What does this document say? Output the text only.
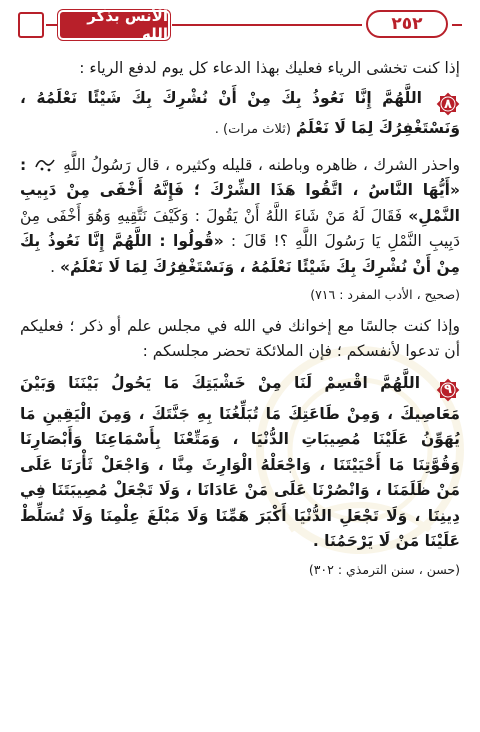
الأنس بذكر الله	٢٥٢

إذا كنت تخشى الرياء فعليك بهذا الدعاء كل يوم لدفع الرياء :

٨
اللَّهُمَّ إِنَّا نَعُوذُ بِكَ مِنْ أَنْ نُشْرِكَ بِكَ شَيْئًا نَعْلَمُهُ ، وَنَسْتَغْفِرُكَ لِمَا لَا نَعْلَمُ (ثلاث مرات) .

واحذر الشرك ، ظاهره وباطنه ، قليله وكثيره ، قال رَسُولُ اللَّهِ  : «أَيُّهَا النَّاسُ ، اتَّقُوا هَذَا الشِّرْكَ ؛ فَإِنَّهُ أَخْفَى مِنْ دَبِيبِ النَّمْلِ» فَقَالَ لَهُ مَنْ شَاءَ اللَّهُ أَنْ يَقُولَ : وَكَيْفَ نَتَّقِيهِ وَهُوَ أَخْفَى مِنْ دَبِيبِ النَّمْلِ يَا رَسُولَ اللَّهِ ؟! قَالَ : «قُولُوا : اللَّهُمَّ إِنَّا نَعُوذُ بِكَ مِنْ أَنْ نُشْرِكَ بِكَ شَيْئًا نَعْلَمُهُ ، وَنَسْتَغْفِرُكَ لِمَا لَا نَعْلَمُ» .

(صحيح ، الأدب المفرد : ٧١٦)

وإذا كنت جالسًا مع إخوانك في الله في مجلس علم أو ذكر ؛ فعليكم أن تدعوا لأنفسكم ؛ فإن الملائكة تحضر مجلسكم :

٩
اللَّهُمَّ اقْسِمْ لَنَا مِنْ خَشْيَتِكَ مَا يَحُولُ بَيْنَنَا وَبَيْنَ مَعَاصِيكَ ، وَمِنْ طَاعَتِكَ مَا تُبَلِّغُنَا بِهِ جَنَّتَكَ ، وَمِنَ الْيَقِينِ مَا يُهَوِّنُ عَلَيْنَا مُصِيبَاتِ الدُّنْيَا ، وَمَتِّعْنَا بِأَسْمَاعِنَا وَأَبْصَارِنَا وَقُوَّتِنَا مَا أَحْيَيْتَنَا ، وَاجْعَلْهُ الْوَارِثَ مِنَّا ، وَاجْعَلْ ثَأْرَنَا عَلَى مَنْ ظَلَمَنَا ، وَانْصُرْنَا عَلَى مَنْ عَادَانَا ، وَلَا تَجْعَلْ مُصِيبَتَنَا فِي دِينِنَا ، وَلَا تَجْعَلِ الدُّنْيَا أَكْبَرَ هَمِّنَا وَلَا مَبْلَغَ عِلْمِنَا وَلَا تُسَلِّطْ عَلَيْنَا مَنْ لَا يَرْحَمُنَا .

(حسن ، سنن الترمذي : ٣٠٢)
